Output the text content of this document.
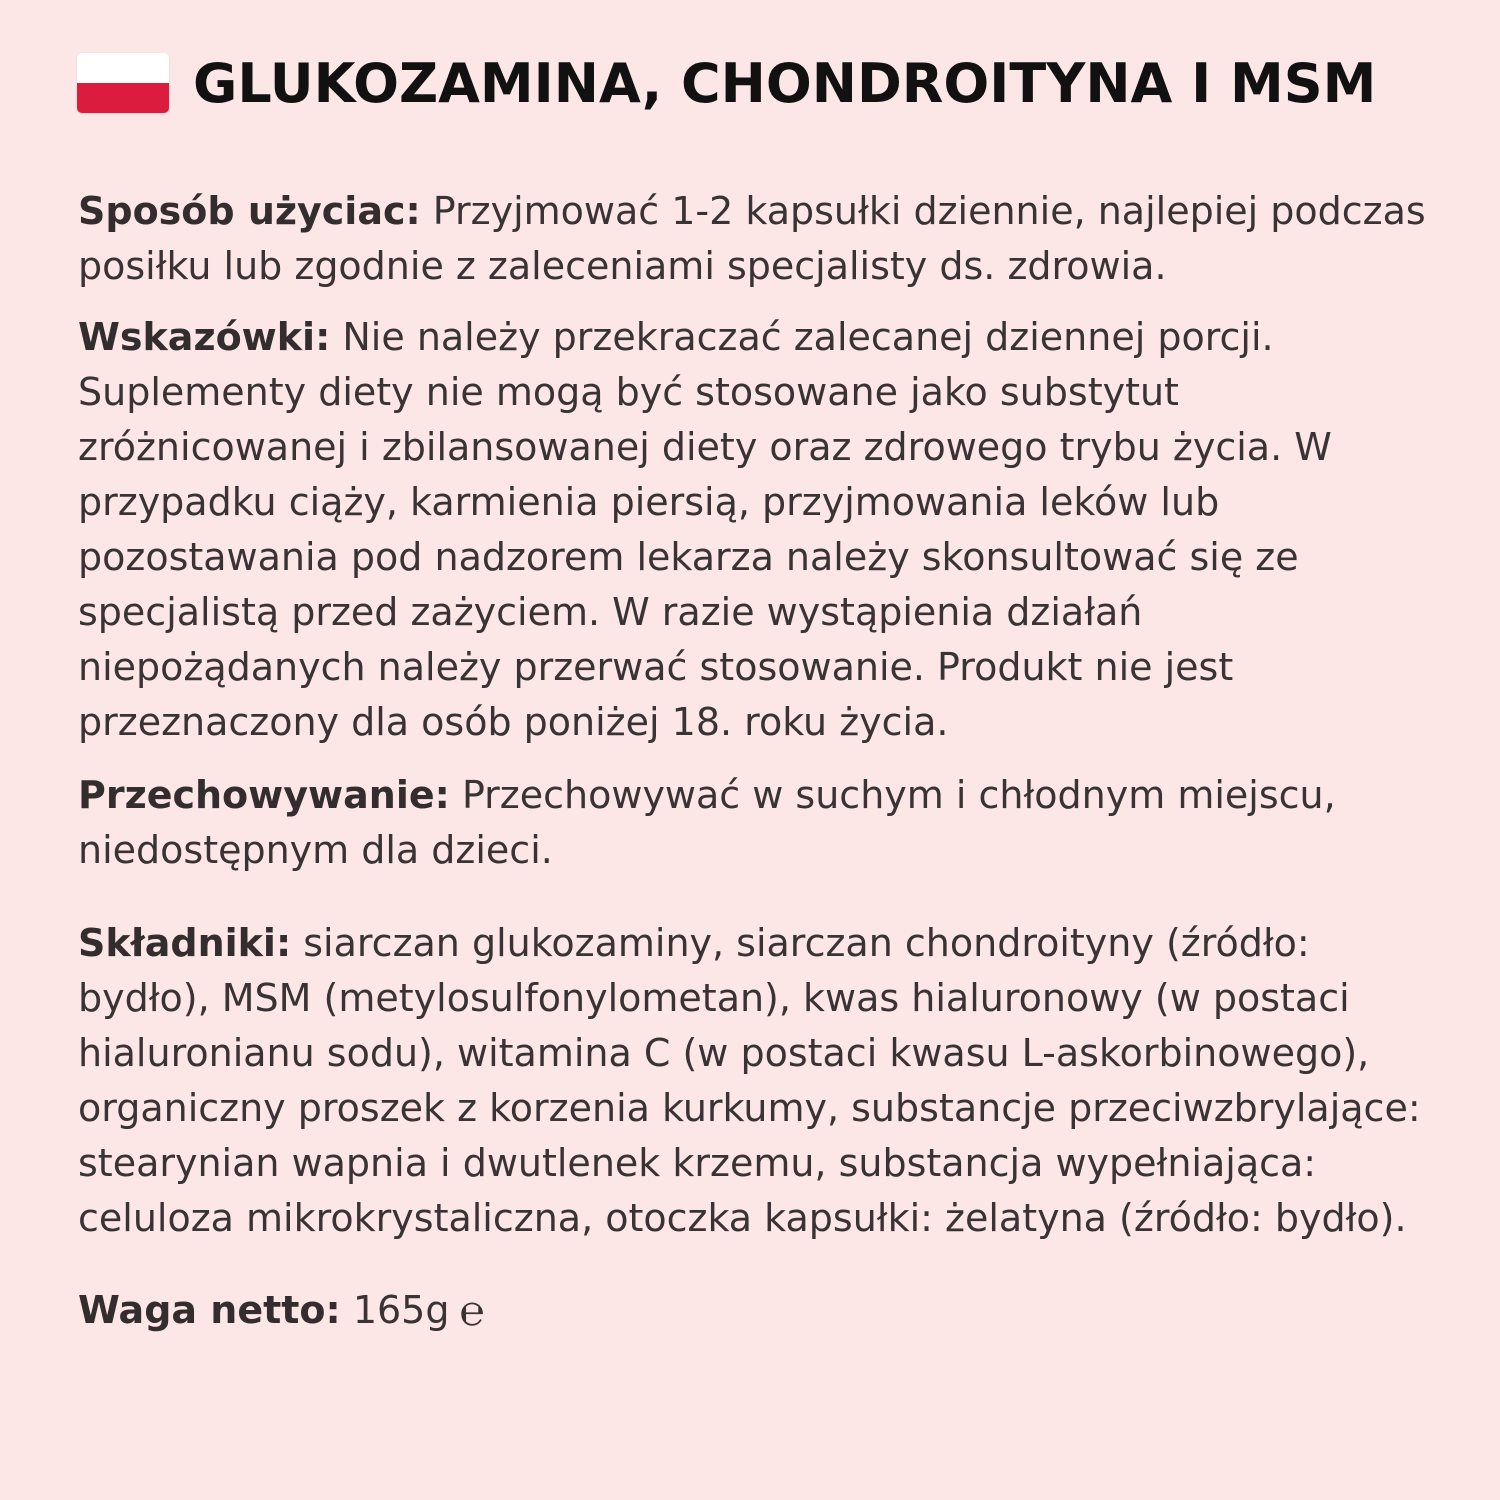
GLUKOZAMINA, CHONDROITYNA I MSM

Sposób użyciac: Przyjmować 1-2 kapsułki dziennie, najlepiej podczas posiłku lub zgodnie z zaleceniami specjalisty ds. zdrowia.

Wskazówki: Nie należy przekraczać zalecanej dziennej porcji. Suplementy diety nie mogą być stosowane jako substytut zróżnicowanej i zbilansowanej diety oraz zdrowego trybu życia. W przypadku ciąży, karmienia piersią, przyjmowania leków lub pozostawania pod nadzorem lekarza należy skonsultować się ze specjalistą przed zażyciem. W razie wystąpienia działań niepożądanych należy przerwać stosowanie. Produkt nie jest przeznaczony dla osób poniżej 18. roku życia.

Przechowywanie: Przechowywać w suchym i chłodnym miejscu, niedostępnym dla dzieci.

Składniki: siarczan glukozaminy, siarczan chondroityny (źródło: bydło), MSM (metylosulfonylometan), kwas hialuronowy (w postaci hialuronianu sodu), witamina C (w postaci kwasu L-askorbinowego), organiczny proszek z korzenia kurkumy, substancje przeciwzbrylające: stearynian wapnia i dwutlenek krzemu, substancja wypełniająca: celuloza mikrokrystaliczna, otoczka kapsułki: żelatyna (źródło: bydło).

Waga netto: 165g ℮
